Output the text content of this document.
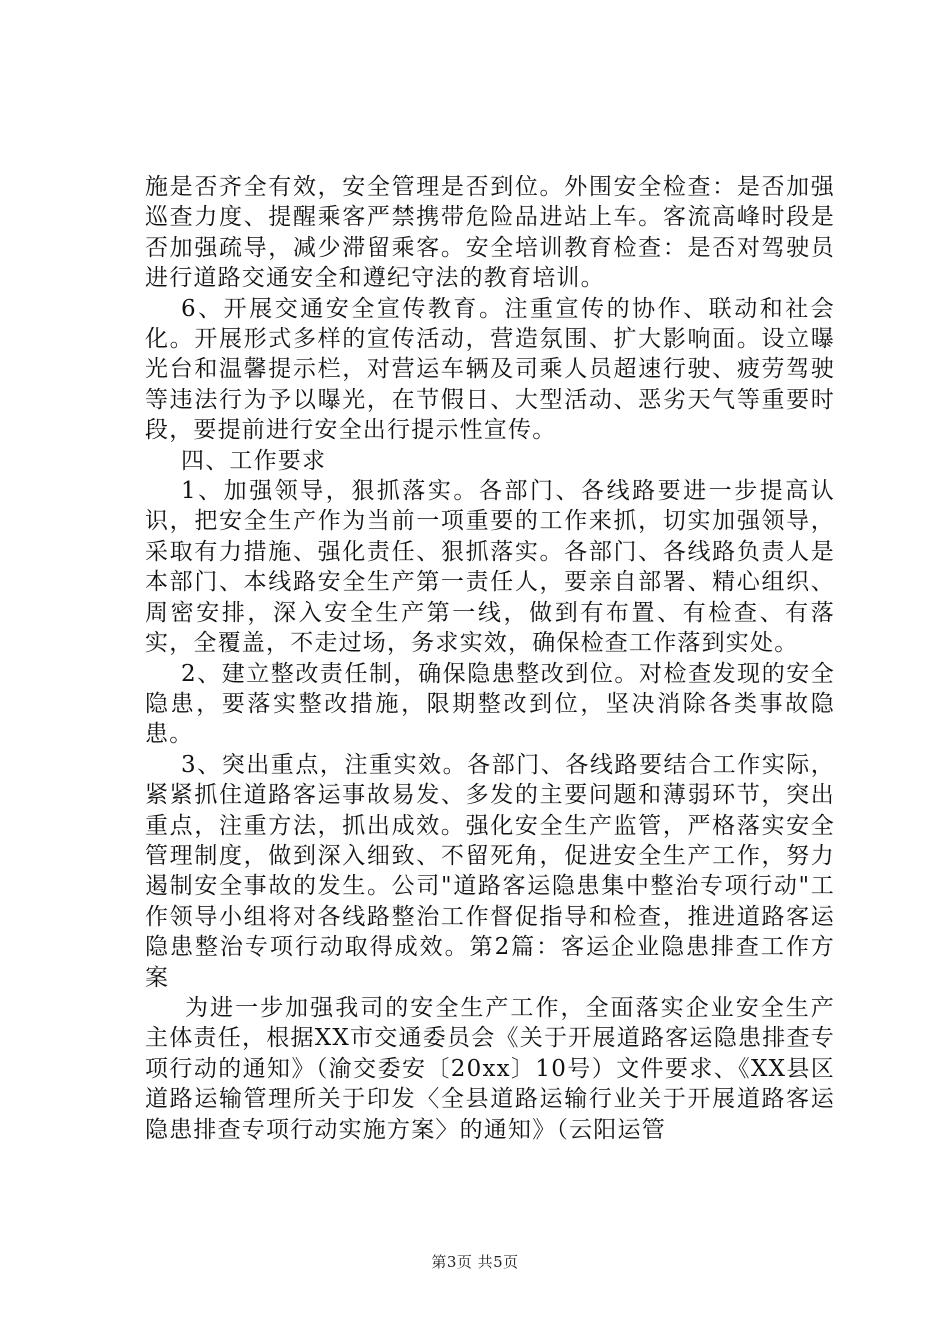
施是否齐全有效，安全管理是否到位。外围安全检查：是否加强巡查力度、提醒乘客严禁携带危险品进站上车。客流高峰时段是否加强疏导，减少滞留乘客。安全培训教育检查：是否对驾驶员进行道路交通安全和遵纪守法的教育培训。

6、开展交通安全宣传教育。注重宣传的协作、联动和社会化。开展形式多样的宣传活动，营造氛围、扩大影响面。设立曝光台和温馨提示栏，对营运车辆及司乘人员超速行驶、疲劳驾驶等违法行为予以曝光，在节假日、大型活动、恶劣天气等重要时段，要提前进行安全出行提示性宣传。

四、工作要求

1、加强领导，狠抓落实。各部门、各线路要进一步提高认识，把安全生产作为当前一项重要的工作来抓，切实加强领导，采取有力措施、强化责任、狠抓落实。各部门、各线路负责人是本部门、本线路安全生产第一责任人，要亲自部署、精心组织、周密安排，深入安全生产第一线，做到有布置、有检查、有落实，全覆盖，不走过场，务求实效，确保检查工作落到实处。

2、建立整改责任制，确保隐患整改到位。对检查发现的安全隐患，要落实整改措施，限期整改到位，坚决消除各类事故隐患。

3、突出重点，注重实效。各部门、各线路要结合工作实际，紧紧抓住道路客运事故易发、多发的主要问题和薄弱环节，突出重点，注重方法，抓出成效。强化安全生产监管，严格落实安全管理制度，做到深入细致、不留死角，促进安全生产工作，努力遏制安全事故的发生。公司"道路客运隐患集中整治专项行动"工作领导小组将对各线路整治工作督促指导和检查，推进道路客运隐患整治专项行动取得成效。第2篇：客运企业隐患排查工作方案

为进一步加强我司的安全生产工作，全面落实企业安全生产主体责任，根据XX市交通委员会《关于开展道路客运隐患排查专项行动的通知》（渝交委安〔20xx〕10号）文件要求、《XX县区道路运输管理所关于印发〈全县道路运输行业关于开展道路客运隐患排查专项行动实施方案〉的通知》（云阳运管

第3页 共5页
